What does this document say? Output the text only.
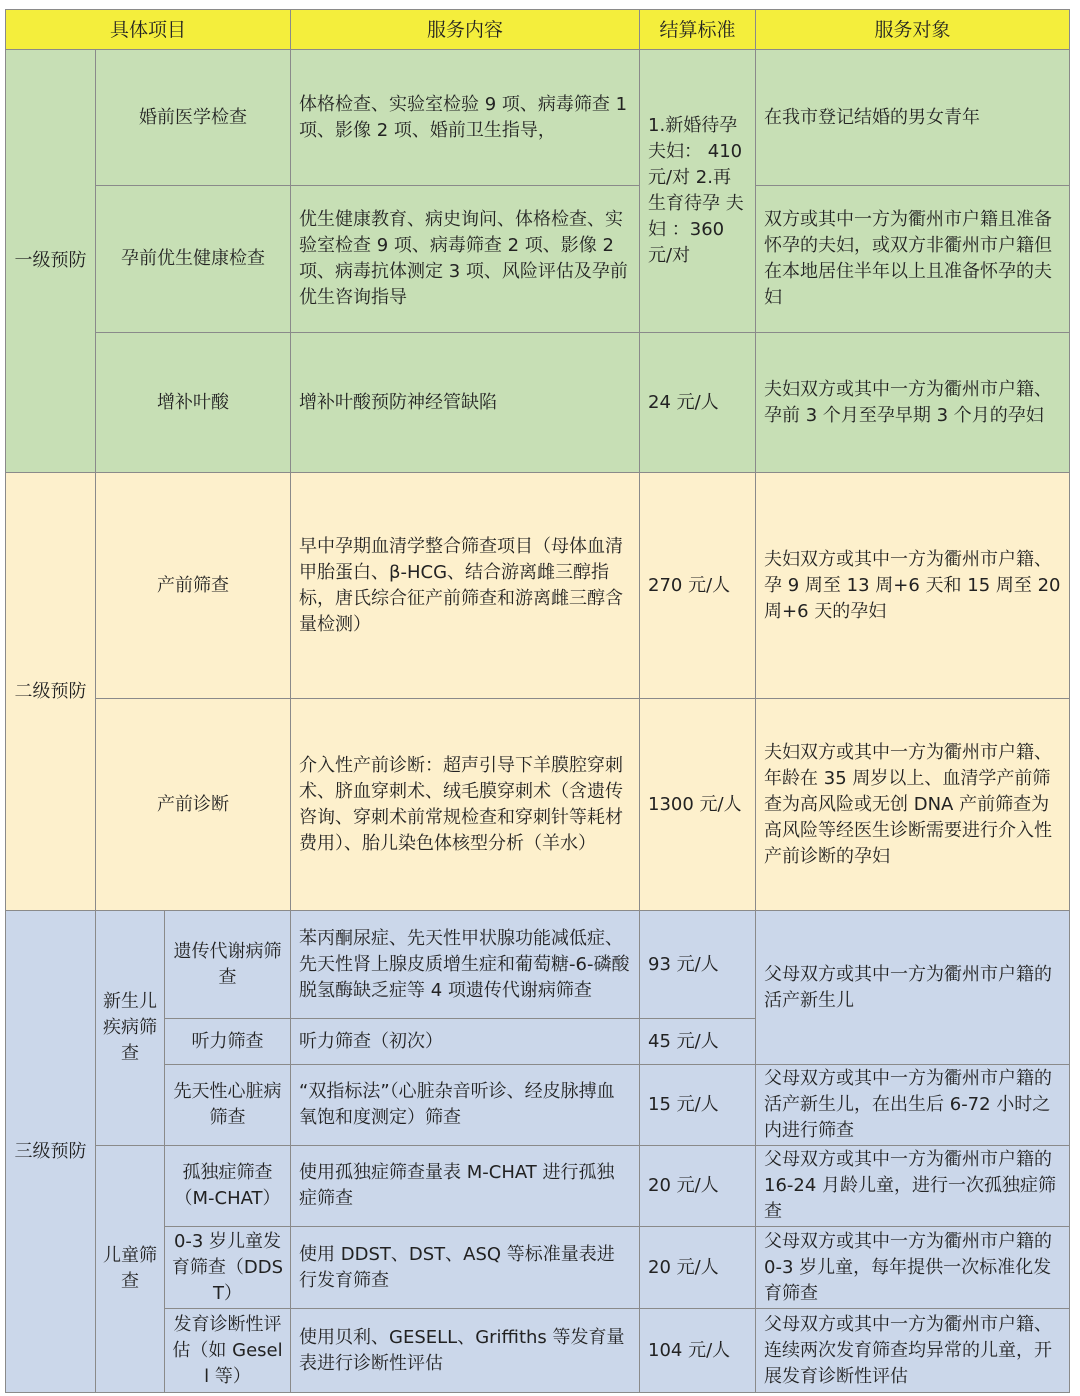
具体项目			服务内容	结算标准	服务对象
一级预防	婚前医学检查		体格检查、实验室检验 9 项、病毒筛查 1 项、影像 2 项、婚前卫生指导，	1.新婚待孕夫妇： 410 元/对 2.再生育待孕 夫 妇 ：360 元/对	在我市登记结婚的男女青年
	孕前优生健康检查		优生健康教育、病史询问、体格检查、实验室检查 9 项、病毒筛查 2 项、影像 2 项、病毒抗体测定 3 项、风险评估及孕前优生咨询指导		双方或其中一方为衢州市户籍且准备怀孕的夫妇，或双方非衢州市户籍但在本地居住半年以上且准备怀孕的夫妇
	增补叶酸		增补叶酸预防神经管缺陷	24 元/人	夫妇双方或其中一方为衢州市户籍、孕前 3 个月至孕早期 3 个月的孕妇
二级预防	产前筛查		早中孕期血清学整合筛查项目（母体血清甲胎蛋白、β-HCG、结合游离雌三醇指标，唐氏综合征产前筛查和游离雌三醇含量检测）	270 元/人	夫妇双方或其中一方为衢州市户籍、孕 9 周至 13 周+6 天和 15 周至 20 周+6 天的孕妇
	产前诊断		介入性产前诊断：超声引导下羊膜腔穿刺术、脐血穿刺术、绒毛膜穿刺术（含遗传咨询、穿刺术前常规检查和穿刺针等耗材费用）、胎儿染色体核型分析（羊水）	1300 元/人	夫妇双方或其中一方为衢州市户籍、年龄在 35 周岁以上、血清学产前筛查为高风险或无创 DNA 产前筛查为高风险等经医生诊断需要进行介入性产前诊断的孕妇
三级预防	新生儿疾病筛查	遗传代谢病筛查	苯丙酮尿症、先天性甲状腺功能减低症、先天性肾上腺皮质增生症和葡萄糖-6-磷酸脱氢酶缺乏症等 4 项遗传代谢病筛查	93 元/人	父母双方或其中一方为衢州市户籍的活产新生儿
		听力筛查	听力筛查（初次）	45 元/人	
		先天性心脏病筛查	“双指标法”（心脏杂音听诊、经皮脉搏血氧饱和度测定）筛查	15 元/人	父母双方或其中一方为衢州市户籍的活产新生儿，在出生后 6-72 小时之内进行筛查
	儿童筛查	孤独症筛查（M-CHAT）	使用孤独症筛查量表 M-CHAT 进行孤独症筛查	20 元/人	父母双方或其中一方为衢州市户籍的 16-24 月龄儿童，进行一次孤独症筛查
		0-3 岁儿童发育筛查（DDST）	使用 DDST、DST、ASQ 等标准量表进行发育筛查	20 元/人	父母双方或其中一方为衢州市户籍的 0-3 岁儿童，每年提供一次标准化发育筛查
		发育诊断性评估（如 Gesell 等）	使用贝利、GESELL、Griffiths 等发育量表进行诊断性评估	104 元/人	父母双方或其中一方为衢州市户籍、连续两次发育筛查均异常的儿童，开展发育诊断性评估
